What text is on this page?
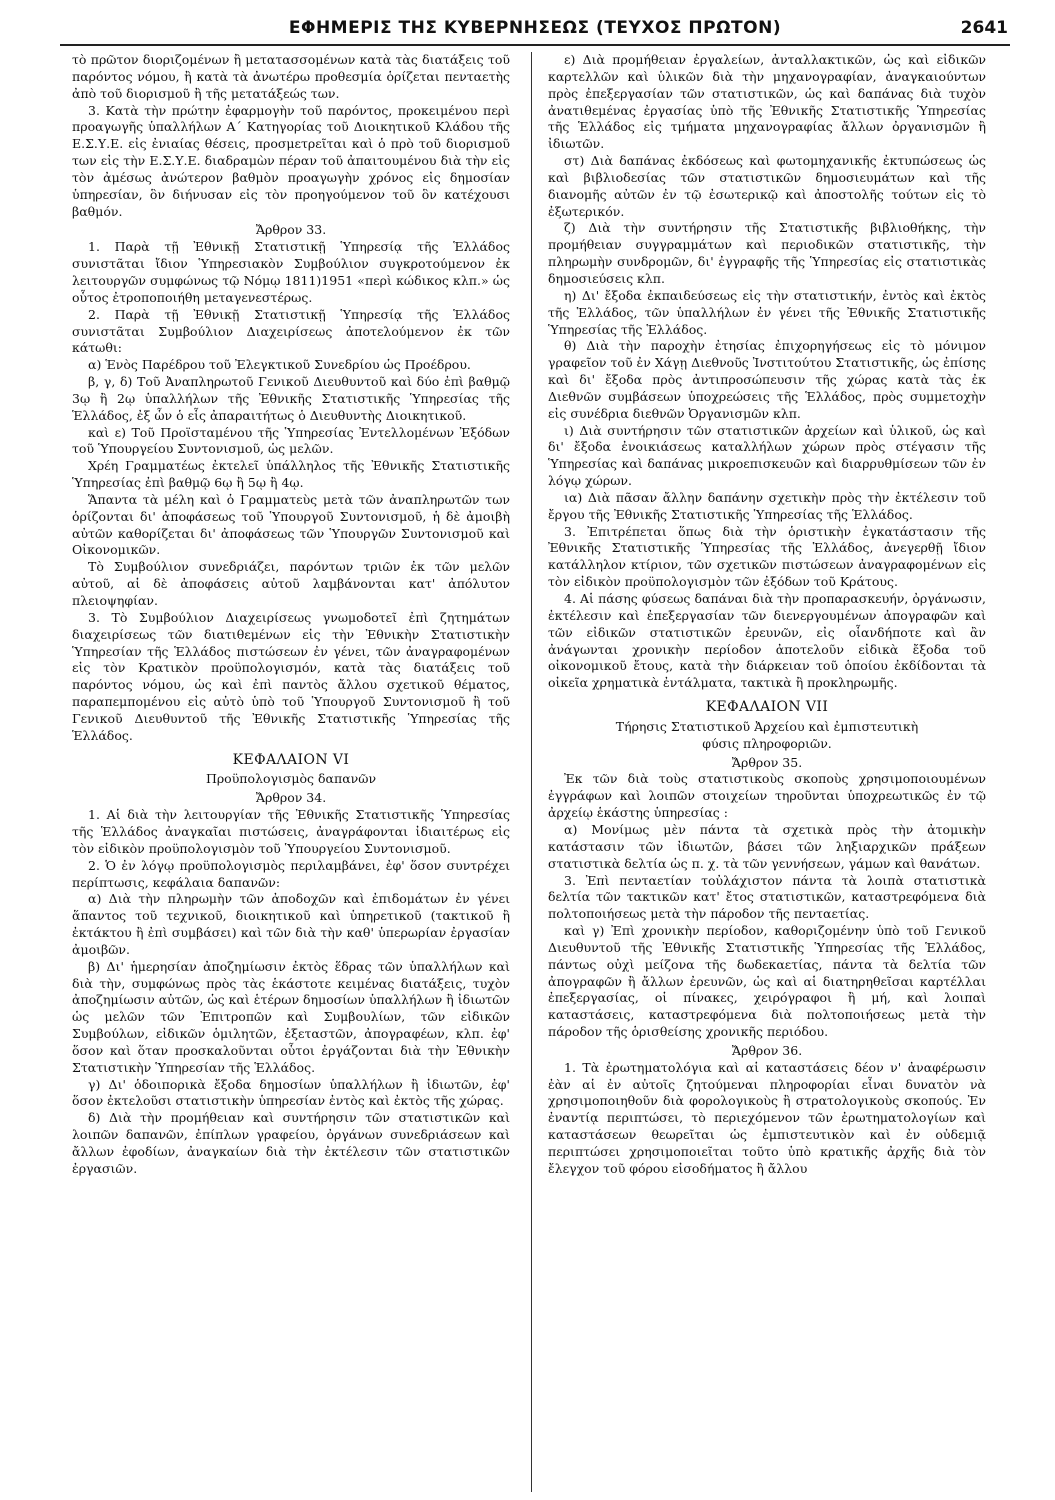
ΕΦΗΜΕΡΙΣ ΤΗΣ ΚΥΒΕΡΝΗΣΕΩΣ (ΤΕΥΧΟΣ ΠΡΩΤΟΝ)	2641

τὸ πρῶτον διοριζομένων ἢ μετατασσομένων κατὰ τὰς διατάξεις τοῦ παρόντος νόμου, ἢ κατὰ τὰ ἀνωτέρω προθεσμία ὁρίζεται πενταετὴς ἀπὸ τοῦ διορισμοῦ ἢ τῆς μετατάξεώς των.

3. Κατὰ τὴν πρώτην ἐφαρμογὴν τοῦ παρόντος, προκειμένου περὶ προαγωγῆς ὑπαλλήλων Α΄ Κατηγορίας τοῦ Διοικητικοῦ Κλάδου τῆς Ε.Σ.Υ.Ε. εἰς ἐνιαίας θέσεις, προσμετρεῖται καὶ ὁ πρὸ τοῦ διορισμοῦ των εἰς τὴν Ε.Σ.Υ.Ε. διαδραμὼν πέραν τοῦ ἀπαιτουμένου διὰ τὴν εἰς τὸν ἀμέσως ἀνώτερον βαθμὸν προαγωγὴν χρόνος εἰς δημοσίαν ὑπηρεσίαν, ὃν διήνυσαν εἰς τὸν προηγούμενον τοῦ ὃν κατέχουσι βαθμόν.

Ἄρθρον 33.

1. Παρὰ τῇ Ἐθνικῇ Στατιστικῇ Ὑπηρεσίᾳ τῆς Ἑλλάδος συνιστᾶται ἴδιον Ὑπηρεσιακὸν Συμβούλιον συγκροτούμενον ἐκ λειτουργῶν συμφώνως τῷ Νόμῳ 1811)1951 «περὶ κώδικος κλπ.» ὡς οὗτος ἐτροποποιήθη μεταγενεστέρως.

2. Παρὰ τῇ Ἐθνικῇ Στατιστικῇ Ὑπηρεσίᾳ τῆς Ἑλλάδος συνιστᾶται Συμβούλιον Διαχειρίσεως ἀποτελούμενον ἐκ τῶν κάτωθι:

α) Ἑνὸς Παρέδρου τοῦ Ἐλεγκτικοῦ Συνεδρίου ὡς Προέδρου.

β, γ, δ) Τοῦ Ἀναπληρωτοῦ Γενικοῦ Διευθυντοῦ καὶ δύο ἐπὶ βαθμῷ 3ῳ ἢ 2ῳ ὑπαλλήλων τῆς Ἐθνικῆς Στατιστικῆς Ὑπηρεσίας τῆς Ἑλλάδος, ἐξ ὧν ὁ εἷς ἀπαραιτήτως ὁ Διευθυντὴς Διοικητικοῦ.

καὶ ε) Τοῦ Προϊσταμένου τῆς Ὑπηρεσίας Ἐντελλομένων Ἐξόδων τοῦ Ὑπουργείου Συντονισμοῦ, ὡς μελῶν.

Χρέη Γραμματέως ἐκτελεῖ ὑπάλληλος τῆς Ἐθνικῆς Στατιστικῆς Ὑπηρεσίας ἐπὶ βαθμῷ 6ῳ ἢ 5ῳ ἢ 4ῳ.

Ἅπαντα τὰ μέλη καὶ ὁ Γραμματεὺς μετὰ τῶν ἀναπληρωτῶν των ὁρίζονται δι' ἀποφάσεως τοῦ Ὑπουργοῦ Συντονισμοῦ, ἡ δὲ ἀμοιβὴ αὐτῶν καθορίζεται δι' ἀποφάσεως τῶν Ὑπουργῶν Συντονισμοῦ καὶ Οἰκονομικῶν.

Τὸ Συμβούλιον συνεδριάζει, παρόντων τριῶν ἐκ τῶν μελῶν αὐτοῦ, αἱ δὲ ἀποφάσεις αὐτοῦ λαμβάνονται κατ' ἀπόλυτον πλειοψηφίαν.

3. Τὸ Συμβούλιον Διαχειρίσεως γνωμοδοτεῖ ἐπὶ ζητημάτων διαχειρίσεως τῶν διατιθεμένων εἰς τὴν Ἐθνικὴν Στατιστικὴν Ὑπηρεσίαν τῆς Ἑλλάδος πιστώσεων ἐν γένει, τῶν ἀναγραφομένων εἰς τὸν Κρατικὸν προϋπολογισμόν, κατὰ τὰς διατάξεις τοῦ παρόντος νόμου, ὡς καὶ ἐπὶ παντὸς ἄλλου σχετικοῦ θέματος, παραπεμπομένου εἰς αὐτὸ ὑπὸ τοῦ Ὑπουργοῦ Συντονισμοῦ ἢ τοῦ Γενικοῦ Διευθυντοῦ τῆς Ἐθνικῆς Στατιστικῆς Ὑπηρεσίας τῆς Ἑλλάδος.

ΚΕΦΑΛΑΙΟΝ VI

Προϋπολογισμὸς δαπανῶν

Ἄρθρον 34.

1. Αἱ διὰ τὴν λειτουργίαν τῆς Ἐθνικῆς Στατιστικῆς Ὑπηρεσίας τῆς Ἑλλάδος ἀναγκαῖαι πιστώσεις, ἀναγράφονται ἰδιαιτέρως εἰς τὸν εἰδικὸν προϋπολογισμὸν τοῦ Ὑπουργείου Συντονισμοῦ.

2. Ὁ ἐν λόγῳ προϋπολογισμὸς περιλαμβάνει, ἐφ' ὅσον συντρέχει περίπτωσις, κεφάλαια δαπανῶν:

α) Διὰ τὴν πληρωμὴν τῶν ἀποδοχῶν καὶ ἐπιδομάτων ἐν γένει ἅπαντος τοῦ τεχνικοῦ, διοικητικοῦ καὶ ὑπηρετικοῦ (τακτικοῦ ἢ ἐκτάκτου ἢ ἐπὶ συμβάσει) καὶ τῶν διὰ τὴν καθ' ὑπερωρίαν ἐργασίαν ἀμοιβῶν.

β) Δι' ἡμερησίαν ἀποζημίωσιν ἐκτὸς ἕδρας τῶν ὑπαλλήλων καὶ διὰ τὴν, συμφώνως πρὸς τὰς ἑκάστοτε κειμένας διατάξεις, τυχὸν ἀποζημίωσιν αὐτῶν, ὡς καὶ ἑτέρων δημοσίων ὑπαλλήλων ἢ ἰδιωτῶν ὡς μελῶν τῶν Ἐπιτροπῶν καὶ Συμβουλίων, τῶν εἰδικῶν Συμβούλων, εἰδικῶν ὁμιλητῶν, ἐξεταστῶν, ἀπογραφέων, κλπ. ἐφ' ὅσον καὶ ὅταν προσκαλοῦνται οὗτοι ἐργάζονται διὰ τὴν Ἐθνικὴν Στατιστικὴν Ὑπηρεσίαν τῆς Ἑλλάδος.

γ) Δι' ὁδοιπορικὰ ἔξοδα δημοσίων ὑπαλλήλων ἢ ἰδιωτῶν, ἐφ' ὅσον ἐκτελοῦσι στατιστικὴν ὑπηρεσίαν ἐντὸς καὶ ἐκτὸς τῆς χώρας.

δ) Διὰ τὴν προμήθειαν καὶ συντήρησιν τῶν στατιστικῶν καὶ λοιπῶν δαπανῶν, ἐπίπλων γραφείου, ὀργάνων συνεδριάσεων καὶ ἄλλων ἐφοδίων, ἀναγκαίων διὰ τὴν ἐκτέλεσιν τῶν στατιστικῶν ἐργασιῶν.

ε) Διὰ προμήθειαν ἐργαλείων, ἀνταλλακτικῶν, ὡς καὶ εἰδικῶν καρτελλῶν καὶ ὑλικῶν διὰ τὴν μηχανογραφίαν, ἀναγκαιούντων πρὸς ἐπεξεργασίαν τῶν στατιστικῶν, ὡς καὶ δαπάνας διὰ τυχὸν ἀνατιθεμένας ἐργασίας ὑπὸ τῆς Ἐθνικῆς Στατιστικῆς Ὑπηρεσίας τῆς Ἑλλάδος εἰς τμήματα μηχανογραφίας ἄλλων ὀργανισμῶν ἢ ἰδιωτῶν.

στ) Διὰ δαπάνας ἐκδόσεως καὶ φωτομηχανικῆς ἐκτυπώσεως ὡς καὶ βιβλιοδεσίας τῶν στατιστικῶν δημοσιευμάτων καὶ τῆς διανομῆς αὐτῶν ἐν τῷ ἐσωτερικῷ καὶ ἀποστολῆς τούτων εἰς τὸ ἐξωτερικόν.

ζ) Διὰ τὴν συντήρησιν τῆς Στατιστικῆς βιβλιοθήκης, τὴν προμήθειαν συγγραμμάτων καὶ περιοδικῶν στατιστικῆς, τὴν πληρωμὴν συνδρομῶν, δι' ἐγγραφῆς τῆς Ὑπηρεσίας εἰς στατιστικὰς δημοσιεύσεις κλπ.

η) Δι' ἔξοδα ἐκπαιδεύσεως εἰς τὴν στατιστικήν, ἐντὸς καὶ ἐκτὸς τῆς Ἑλλάδος, τῶν ὑπαλλήλων ἐν γένει τῆς Ἐθνικῆς Στατιστικῆς Ὑπηρεσίας τῆς Ἑλλάδος.

θ) Διὰ τὴν παροχὴν ἐτησίας ἐπιχορηγήσεως εἰς τὸ μόνιμον γραφεῖον τοῦ ἐν Χάγῃ Διεθνοῦς Ἰνστιτούτου Στατιστικῆς, ὡς ἐπίσης καὶ δι' ἔξοδα πρὸς ἀντιπροσώπευσιν τῆς χώρας κατὰ τὰς ἐκ Διεθνῶν συμβάσεων ὑποχρεώσεις τῆς Ἑλλάδος, πρὸς συμμετοχὴν εἰς συνέδρια διεθνῶν Ὀργανισμῶν κλπ.

ι) Διὰ συντήρησιν τῶν στατιστικῶν ἀρχείων καὶ ὑλικοῦ, ὡς καὶ δι' ἔξοδα ἐνοικιάσεως καταλλήλων χώρων πρὸς στέγασιν τῆς Ὑπηρεσίας καὶ δαπάνας μικροεπισκευῶν καὶ διαρρυθμίσεων τῶν ἐν λόγῳ χώρων.

ια) Διὰ πᾶσαν ἄλλην δαπάνην σχετικὴν πρὸς τὴν ἐκτέλεσιν τοῦ ἔργου τῆς Ἐθνικῆς Στατιστικῆς Ὑπηρεσίας τῆς Ἑλλάδος.

3. Ἐπιτρέπεται ὅπως διὰ τὴν ὁριστικὴν ἐγκατάστασιν τῆς Ἐθνικῆς Στατιστικῆς Ὑπηρεσίας τῆς Ἑλλάδος, ἀνεγερθῇ ἴδιον κατάλληλον κτίριον, τῶν σχετικῶν πιστώσεων ἀναγραφομένων εἰς τὸν εἰδικὸν προϋπολογισμὸν τῶν ἐξόδων τοῦ Κράτους.

4. Αἱ πάσης φύσεως δαπάναι διὰ τὴν προπαρασκευήν, ὀργάνωσιν, ἐκτέλεσιν καὶ ἐπεξεργασίαν τῶν διενεργουμένων ἀπογραφῶν καὶ τῶν εἰδικῶν στατιστικῶν ἐρευνῶν, εἰς οἷανδήποτε καὶ ἂν ἀνάγωνται χρονικὴν περίοδον ἀποτελοῦν εἰδικὰ ἔξοδα τοῦ οἰκονομικοῦ ἔτους, κατὰ τὴν διάρκειαν τοῦ ὁποίου ἐκδίδονται τὰ οἰκεῖα χρηματικὰ ἐντάλματα, τακτικὰ ἢ προκληρωμῆς.

ΚΕΦΑΛΑΙΟΝ VII

Τήρησις Στατιστικοῦ Ἀρχείου καὶ ἐμπιστευτικὴ

φύσις πληροφοριῶν.

Ἄρθρον 35.

Ἐκ τῶν διὰ τοὺς στατιστικοὺς σκοποὺς χρησιμοποιουμένων ἐγγράφων καὶ λοιπῶν στοιχείων τηροῦνται ὑποχρεωτικῶς ἐν τῷ ἀρχείῳ ἑκάστης ὑπηρεσίας :

α) Μονίμως μὲν πάντα τὰ σχετικὰ πρὸς τὴν ἀτομικὴν κατάστασιν τῶν ἰδιωτῶν, βάσει τῶν ληξιαρχικῶν πράξεων στατιστικὰ δελτία ὡς π. χ. τὰ τῶν γεννήσεων, γάμων καὶ θανάτων.

3. Ἐπὶ πενταετίαν τοὐλάχιστον πάντα τὰ λοιπὰ στατιστικὰ δελτία τῶν τακτικῶν κατ' ἔτος στατιστικῶν, καταστρεφόμενα διὰ πολτοποιήσεως μετὰ τὴν πάροδον τῆς πενταετίας.

καὶ γ) Ἐπὶ χρονικὴν περίοδον, καθοριζομένην ὑπὸ τοῦ Γενικοῦ Διευθυντοῦ τῆς Ἐθνικῆς Στατιστικῆς Ὑπηρεσίας τῆς Ἑλλάδος, πάντως οὐχὶ μείζονα τῆς δωδεκαετίας, πάντα τὰ δελτία τῶν ἀπογραφῶν ἢ ἄλλων ἐρευνῶν, ὡς καὶ αἱ διατηρηθεῖσαι καρτέλλαι ἐπεξεργασίας, οἱ πίνακες, χειρόγραφοι ἢ μή, καὶ λοιπαὶ καταστάσεις, καταστρεφόμενα διὰ πολτοποιήσεως μετὰ τὴν πάροδον τῆς ὁρισθείσης χρονικῆς περιόδου.

Ἄρθρον 36.

1. Τὰ ἐρωτηματολόγια καὶ αἱ καταστάσεις δέον ν' ἀναφέρωσιν ἐὰν αἱ ἐν αὐτοῖς ζητούμεναι πληροφορίαι εἶναι δυνατὸν νὰ χρησιμοποιηθοῦν διὰ φορολογικοὺς ἢ στρατολογικοὺς σκοπούς. Ἐν ἐναντίᾳ περιπτώσει, τὸ περιεχόμενον τῶν ἐρωτηματολογίων καὶ καταστάσεων θεωρεῖται ὡς ἐμπιστευτικὸν καὶ ἐν οὐδεμιᾷ περιπτώσει χρησιμοποιεῖται τοῦτο ὑπὸ κρατικῆς ἀρχῆς διὰ τὸν ἔλεγχον τοῦ φόρου εἰσοδήματος ἢ ἄλλου
